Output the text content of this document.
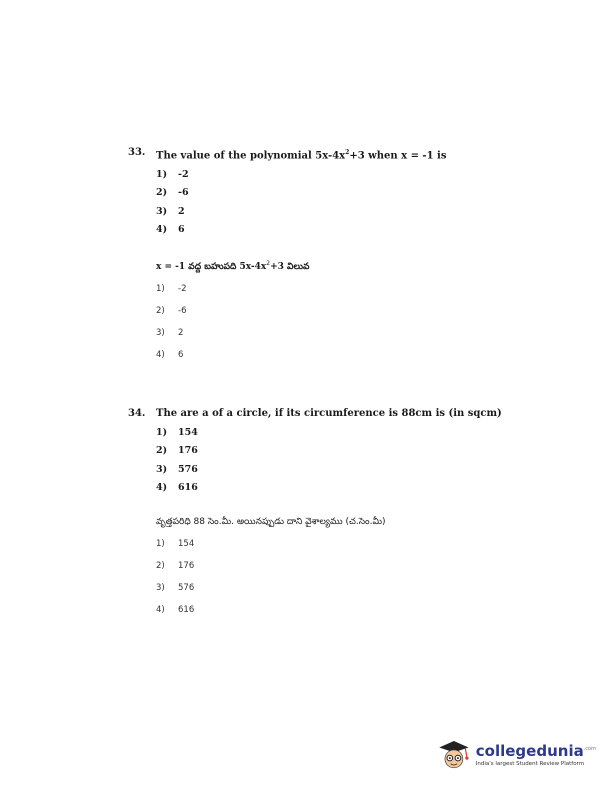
33.	The value of the polynomial $5x-4x^2+3$ when x = -1 is
1)	-2
2)	-6
3)	2
4)	6
x = -1 వద్ద బహుపది $5x-4x^2+3$ విలువ
1)	-2
2)	-6
3)	2
4)	6
34.	The are a of a circle, if its circumference is 88cm is (in sqcm)
1)	154
2)	176
3)	576
4)	616
వృత్తపరిధి 88 సెం.మీ. అయినప్పుడు దాని వైశాల్యము (చ.సెం.మీ)
1)	154
2)	176
3)	576
4)	616
collegedunia$^{.com}$
India's largest Student Review Platform
